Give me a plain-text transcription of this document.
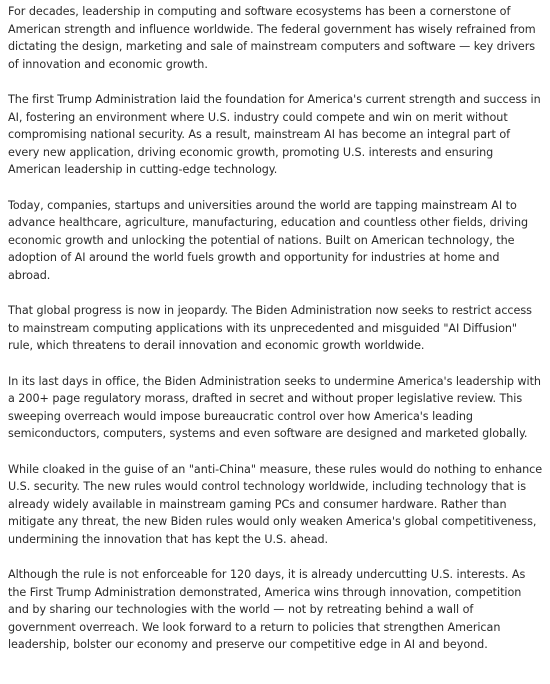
For decades, leadership in computing and software ecosystems has been a cornerstone of American strength and influence worldwide. The federal government has wisely refrained from dictating the design, marketing and sale of mainstream computers and software — key drivers of innovation and economic growth.

The first Trump Administration laid the foundation for America's current strength and success in AI, fostering an environment where U.S. industry could compete and win on merit without compromising national security. As a result, mainstream AI has become an integral part of every new application, driving economic growth, promoting U.S. interests and ensuring American leadership in cutting-edge technology.

Today, companies, startups and universities around the world are tapping mainstream AI to advance healthcare, agriculture, manufacturing, education and countless other fields, driving economic growth and unlocking the potential of nations. Built on American technology, the adoption of AI around the world fuels growth and opportunity for industries at home and abroad.

That global progress is now in jeopardy. The Biden Administration now seeks to restrict access to mainstream computing applications with its unprecedented and misguided "AI Diffusion" rule, which threatens to derail innovation and economic growth worldwide.

In its last days in office, the Biden Administration seeks to undermine America's leadership with a 200+ page regulatory morass, drafted in secret and without proper legislative review. This sweeping overreach would impose bureaucratic control over how America's leading semiconductors, computers, systems and even software are designed and marketed globally.

While cloaked in the guise of an "anti-China" measure, these rules would do nothing to enhance U.S. security. The new rules would control technology worldwide, including technology that is already widely available in mainstream gaming PCs and consumer hardware. Rather than mitigate any threat, the new Biden rules would only weaken America's global competitiveness, undermining the innovation that has kept the U.S. ahead.

Although the rule is not enforceable for 120 days, it is already undercutting U.S. interests. As the First Trump Administration demonstrated, America wins through innovation, competition and by sharing our technologies with the world — not by retreating behind a wall of government overreach. We look forward to a return to policies that strengthen American leadership, bolster our economy and preserve our competitive edge in AI and beyond.
